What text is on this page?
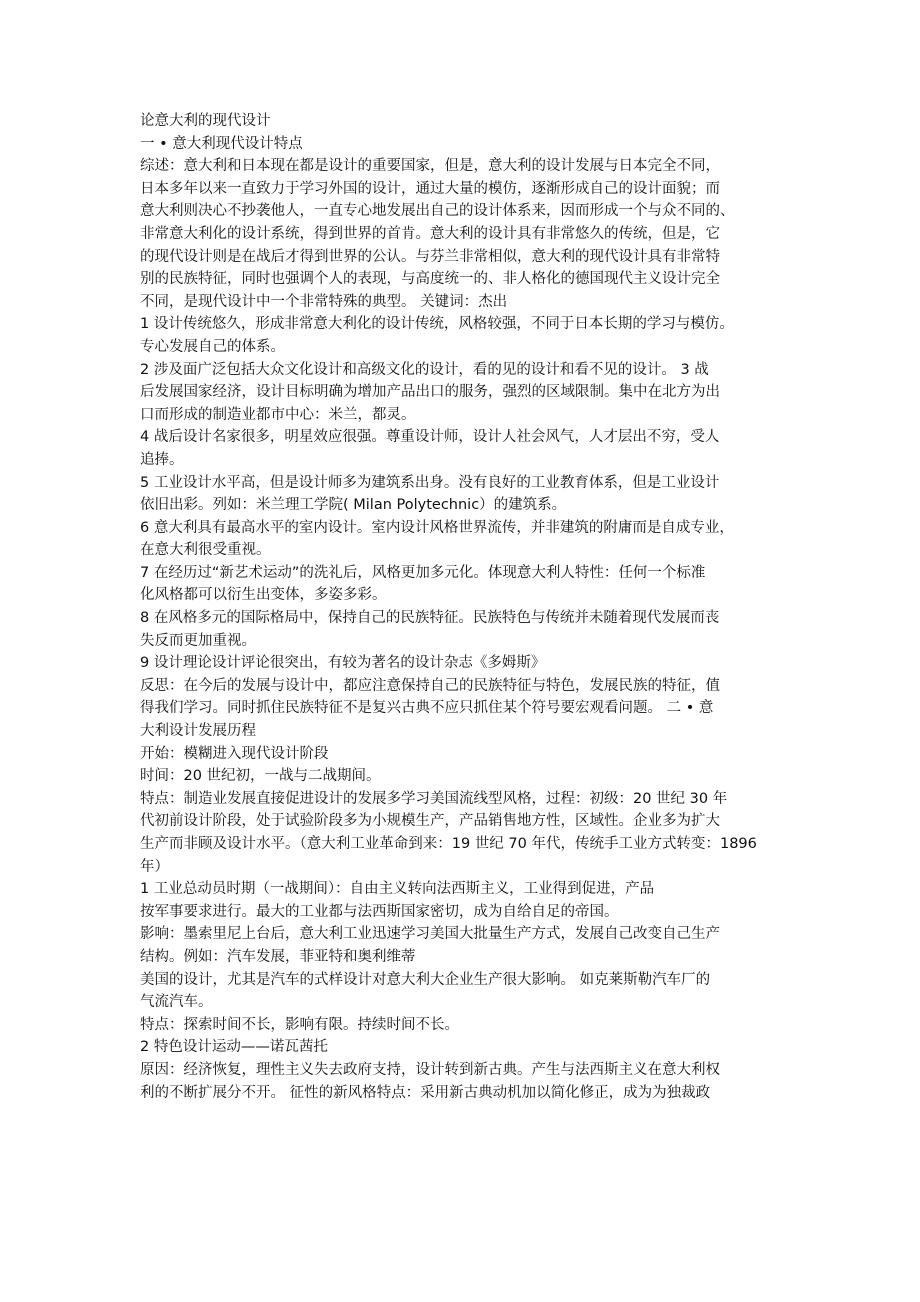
论意大利的现代设计

一 • 意大利现代设计特点

综述：意大利和日本现在都是设计的重要国家，但是，意大利的设计发展与日本完全不同，

日本多年以来一直致力于学习外国的设计，通过大量的模仿，逐渐形成自己的设计面貌；而

意大利则决心不抄袭他人，一直专心地发展出自己的设计体系来，因而形成一个与众不同的、

非常意大利化的设计系统，得到世界的首肯。意大利的设计具有非常悠久的传统，但是，它

的现代设计则是在战后才得到世界的公认。与芬兰非常相似，意大利的现代设计具有非常特

别的民族特征，同时也强调个人的表现，与高度统一的、非人格化的德国现代主义设计完全

不同，是现代设计中一个非常特殊的典型。 关键词：杰出

1 设计传统悠久，形成非常意大利化的设计传统，风格较强，不同于日本长期的学习与模仿。

专心发展自己的体系。

2 涉及面广泛包括大众文化设计和高级文化的设计，看的见的设计和看不见的设计。 3 战

后发展国家经济，设计目标明确为增加产品出口的服务，强烈的区域限制。集中在北方为出

口而形成的制造业都市中心：米兰，都灵。

4 战后设计名家很多，明星效应很强。尊重设计师，设计人社会风气，人才层出不穷，受人

追捧。

5 工业设计水平高，但是设计师多为建筑系出身。没有良好的工业教育体系，但是工业设计

依旧出彩。列如：米兰理工学院( Milan Polytechnic）的建筑系。

6 意大利具有最高水平的室内设计。室内设计风格世界流传，并非建筑的附庸而是自成专业，

在意大利很受重视。

7 在经历过“新艺术运动”的洗礼后，风格更加多元化。体现意大利人特性：任何一个标准

化风格都可以衍生出变体，多姿多彩。

8 在风格多元的国际格局中，保持自己的民族特征。民族特色与传统并未随着现代发展而丧

失反而更加重视。

9 设计理论设计评论很突出，有较为著名的设计杂志《多姆斯》

反思：在今后的发展与设计中，都应注意保持自己的民族特征与特色，发展民族的特征，值

得我们学习。同时抓住民族特征不是复兴古典不应只抓住某个符号要宏观看问题。 二 • 意

大利设计发展历程

开始：模糊进入现代设计阶段

时间：20 世纪初，一战与二战期间。

特点：制造业发展直接促进设计的发展多学习美国流线型风格，过程：初级：20 世纪 30 年

代初前设计阶段，处于试验阶段多为小规模生产，产品销售地方性，区域性。企业多为扩大

生产而非顾及设计水平。（意大利工业革命到来：19 世纪 70 年代，传统手工业方式转变：1896

年）

1 工业总动员时期（一战期间）：自由主义转向法西斯主义，工业得到促进，产品

按军事要求进行。最大的工业都与法西斯国家密切，成为自给自足的帝国。

影响：墨索里尼上台后，意大利工业迅速学习美国大批量生产方式，发展自己改变自己生产

结构。例如：汽车发展，菲亚特和奥利维蒂

美国的设计，尤其是汽车的式样设计对意大利大企业生产很大影响。 如克莱斯勒汽车厂的

气流汽车。

特点：探索时间不长，影响有限。持续时间不长。

2 特色设计运动——诺瓦茜托

原因：经济恢复，理性主义失去政府支持，设计转到新古典。产生与法西斯主义在意大利权

利的不断扩展分不开。 征性的新风格特点：采用新古典动机加以简化修正，成为为独裁政
